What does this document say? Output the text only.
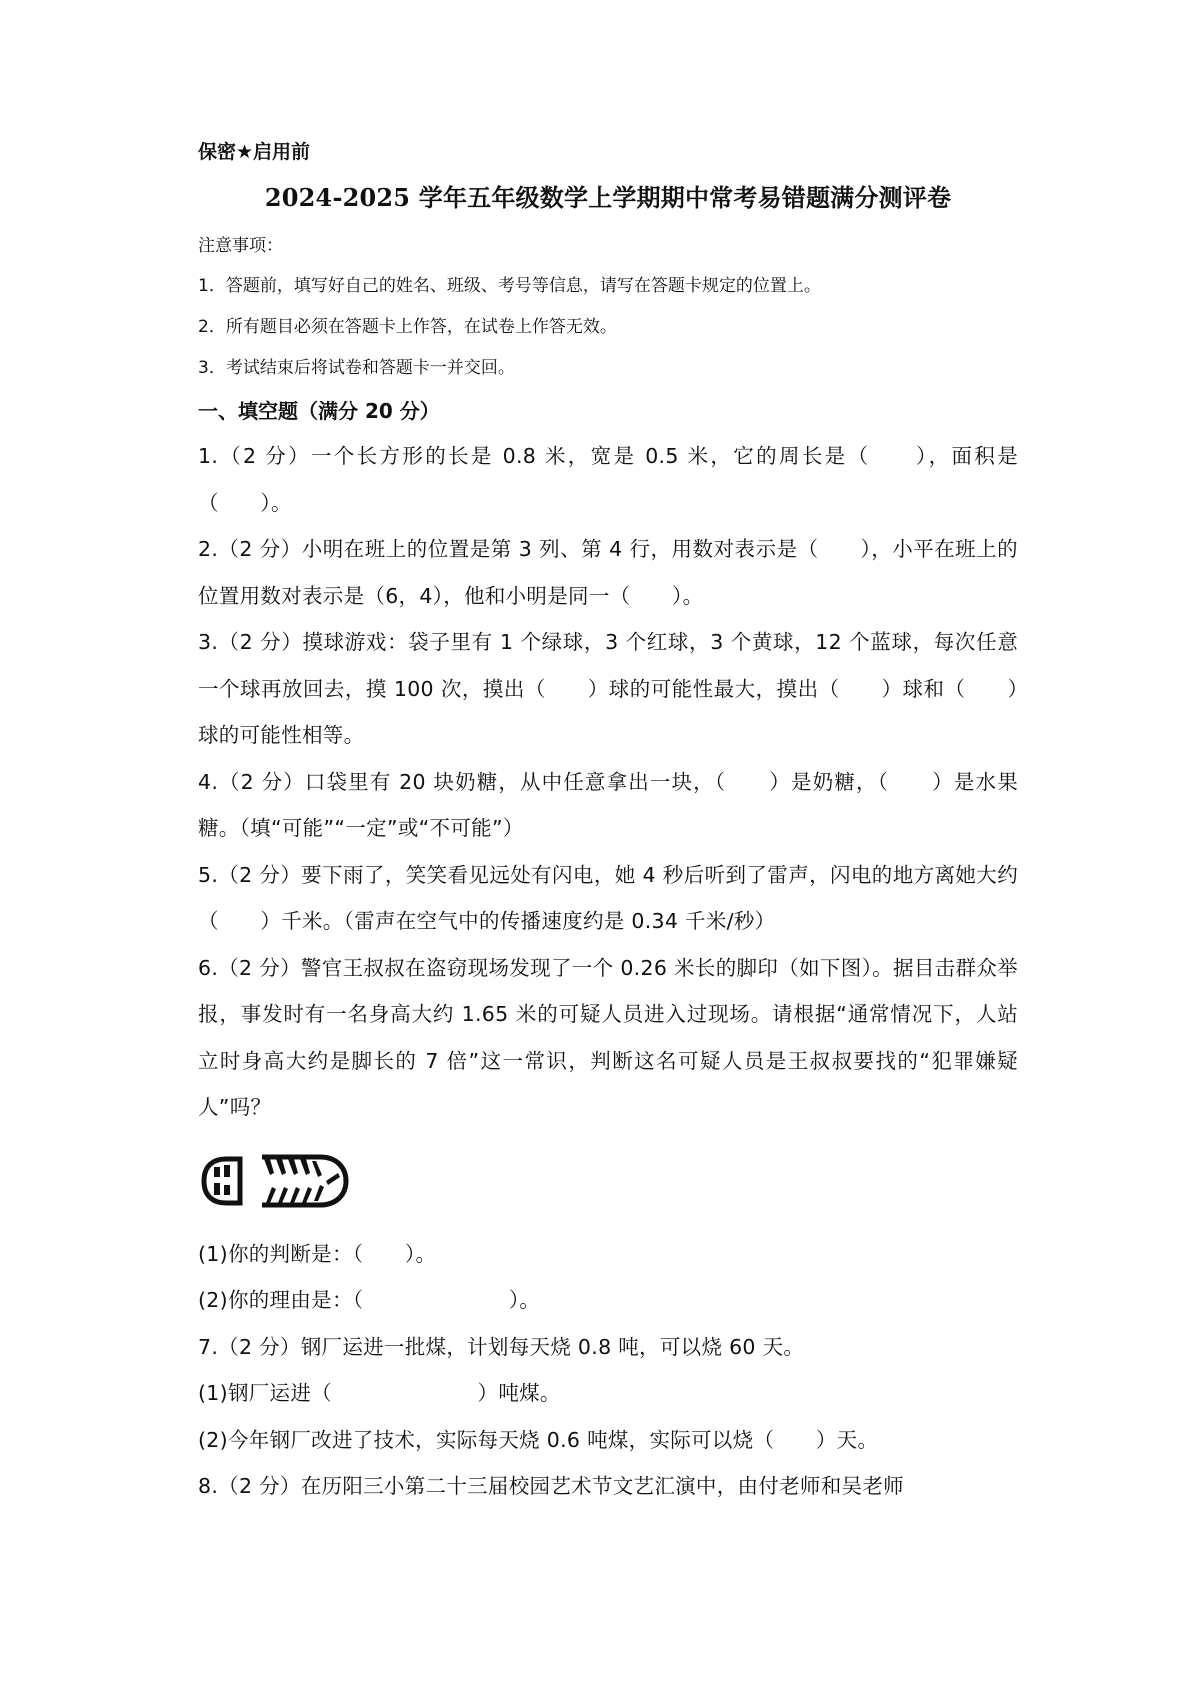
保密★启用前
2024-2025 学年五年级数学上学期期中常考易错题满分测评卷
注意事项：
1．答题前，填写好自己的姓名、班级、考号等信息，请写在答题卡规定的位置上。
2．所有题目必须在答题卡上作答，在试卷上作答无效。
3．考试结束后将试卷和答题卡一并交回。
一、填空题（满分 20 分）
1.（2 分）一个长方形的长是 0.8 米，宽是 0.5 米，它的周长是（　　），面积是（　　）。
2.（2 分）小明在班上的位置是第 3 列、第 4 行，用数对表示是（　　），小平在班上的位置用数对表示是（6，4），他和小明是同一（　　）。
3.（2 分）摸球游戏：袋子里有 1 个绿球，3 个红球，3 个黄球，12 个蓝球，每次任意一个球再放回去，摸 100 次，摸出（　　）球的可能性最大，摸出（　　）球和（　　）球的可能性相等。
4.（2 分）口袋里有 20 块奶糖，从中任意拿出一块，（　　）是奶糖，（　　）是水果糖。（填“可能”“一定”或“不可能”）
5.（2 分）要下雨了，笑笑看见远处有闪电，她 4 秒后听到了雷声，闪电的地方离她大约（　　）千米。（雷声在空气中的传播速度约是 0.34 千米/秒）
6.（2 分）警官王叔叔在盗窃现场发现了一个 0.26 米长的脚印（如下图）。据目击群众举报，事发时有一名身高大约 1.65 米的可疑人员进入过现场。请根据“通常情况下，人站立时身高大约是脚长的 7 倍”这一常识，判断这名可疑人员是王叔叔要找的“犯罪嫌疑人”吗？
(1)你的判断是：（　　）。
(2)你的理由是：（　　　　　　　）。
7.（2 分）钢厂运进一批煤，计划每天烧 0.8 吨，可以烧 60 天。
(1)钢厂运进（　　　　　　　）吨煤。
(2)今年钢厂改进了技术，实际每天烧 0.6 吨煤，实际可以烧（　　）天。
8.（2 分）在历阳三小第二十三届校园艺术节文艺汇演中，由付老师和吴老师
